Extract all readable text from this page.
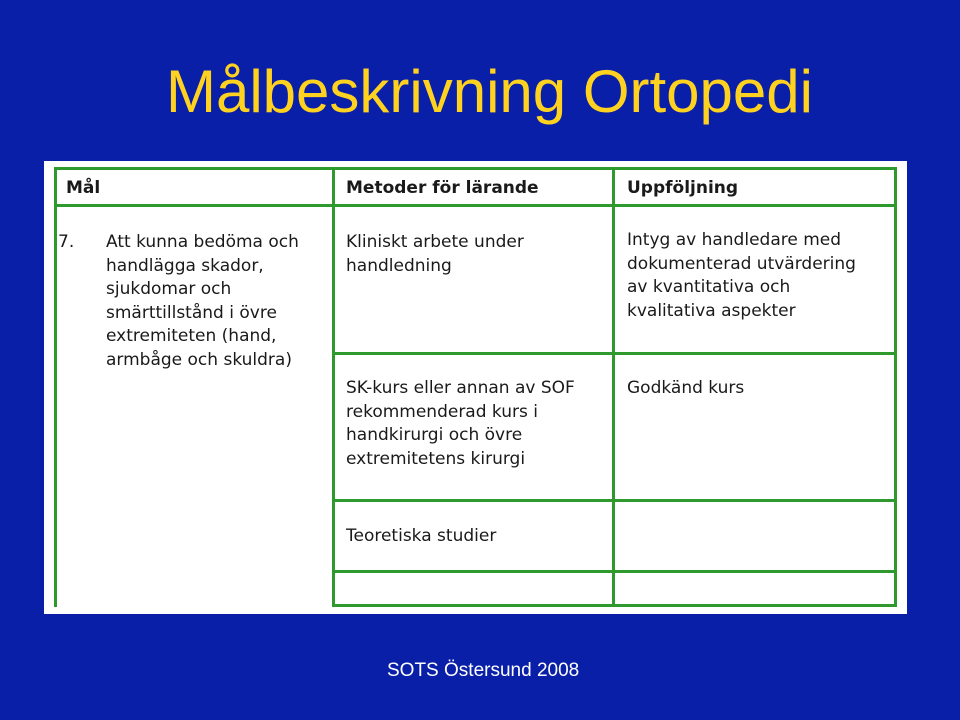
Målbeskrivning Ortopedi

Mål	Metoder för lärande	Uppföljning

7. Att kunna bedöma och
handlägga skador,
sjukdomar och
smärttillstånd i övre
extremiteten (hand,
armbåge och skuldra)

Kliniskt arbete under
handledning

Intyg av handledare med
dokumenterad utvärdering
av kvantitativa och
kvalitativa aspekter

SK-kurs eller annan av SOF
rekommenderad kurs i
handkirurgi och övre
extremitetens kirurgi

Godkänd kurs

Teoretiska studier

SOTS Östersund 2008
